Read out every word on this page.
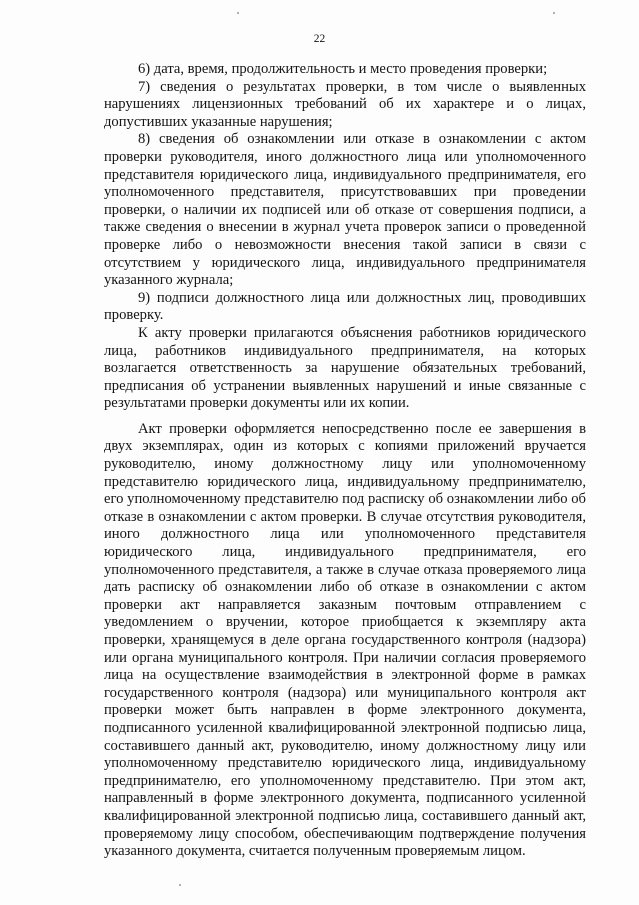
22

6) дата, время, продолжительность и место проведения проверки;

7) сведения о результатах проверки, в том числе о выявленных нарушениях лицензионных требований об их характере и о лицах, допустивших указанные нарушения;

8) сведения об ознакомлении или отказе в ознакомлении с актом проверки руководителя, иного должностного лица или уполномоченного представителя юридического лица, индивидуального предпринимателя, его уполномоченного представителя, присутствовавших при проведении проверки, о наличии их подписей или об отказе от совершения подписи, а также сведения о внесении в журнал учета проверок записи о проведенной проверке либо о невозможности внесения такой записи в связи с отсутствием у юридического лица, индивидуального предпринимателя указанного журнала;

9) подписи должностного лица или должностных лиц, проводивших проверку.

К акту проверки прилагаются объяснения работников юридического лица, работников индивидуального предпринимателя, на которых возлагается ответственность за нарушение обязательных требований, предписания об устранении выявленных нарушений и иные связанные с результатами проверки документы или их копии.

Акт проверки оформляется непосредственно после ее завершения в двух экземплярах, один из которых с копиями приложений вручается руководителю, иному должностному лицу или уполномоченному представителю юридического лица, индивидуальному предпринимателю, его уполномоченному представителю под расписку об ознакомлении либо об отказе в ознакомлении с актом проверки. В случае отсутствия руководителя, иного должностного лица или уполномоченного представителя юридического лица, индивидуального предпринимателя, его уполномоченного представителя, а также в случае отказа проверяемого лица дать расписку об ознакомлении либо об отказе в ознакомлении с актом проверки акт направляется заказным почтовым отправлением с уведомлением о вручении, которое приобщается к экземпляру акта проверки, хранящемуся в деле органа государственного контроля (надзора) или органа муниципального контроля. При наличии согласия проверяемого лица на осуществление взаимодействия в электронной форме в рамках государственного контроля (надзора) или муниципального контроля акт проверки может быть направлен в форме электронного документа, подписанного усиленной квалифицированной электронной подписью лица, составившего данный акт, руководителю, иному должностному лицу или уполномоченному представителю юридического лица, индивидуальному предпринимателю, его уполномоченному представителю. При этом акт, направленный в форме электронного документа, подписанного усиленной квалифицированной электронной подписью лица, составившего данный акт, проверяемому лицу способом, обеспечивающим подтверждение получения указанного документа, считается полученным проверяемым лицом.
